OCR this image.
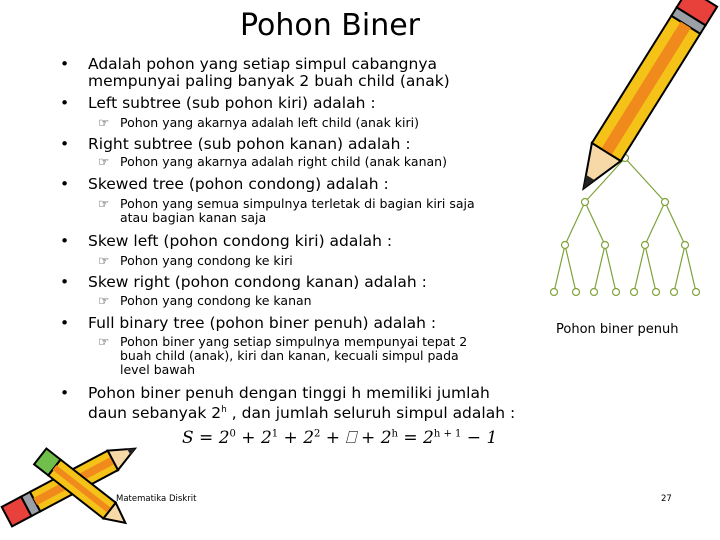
Pohon Biner
•	Adalah pohon yang setiap simpul cabangnya
mempunyai paling banyak 2 buah child (anak)
•	Left subtree (sub pohon kiri) adalah :
☞ Pohon yang akarnya adalah left child (anak kiri)
•	Right subtree (sub pohon kanan) adalah :
☞ Pohon yang akarnya adalah right child (anak kanan)
•	Skewed tree (pohon condong) adalah :
☞ Pohon yang semua simpulnya terletak di bagian kiri saja
atau bagian kanan saja
•	Skew left (pohon condong kiri) adalah :
☞ Pohon yang condong ke kiri
•	Skew right (pohon condong kanan) adalah :
☞ Pohon yang condong ke kanan
•	Full binary tree (pohon biner penuh) adalah :
☞ Pohon biner yang setiap simpulnya mempunyai tepat 2
buah child (anak), kiri dan kanan, kecuali simpul pada
level bawah
•	Pohon biner penuh dengan tinggi h memiliki jumlah
daun sebanyak 2$^h$ , dan jumlah seluruh simpul adalah :
$S = 2^0 + 2^1 + 2^2$ + ⎕ + $2^h = 2^{h + 1} - 1$
Pohon biner penuh
Matematika Diskrit	27
